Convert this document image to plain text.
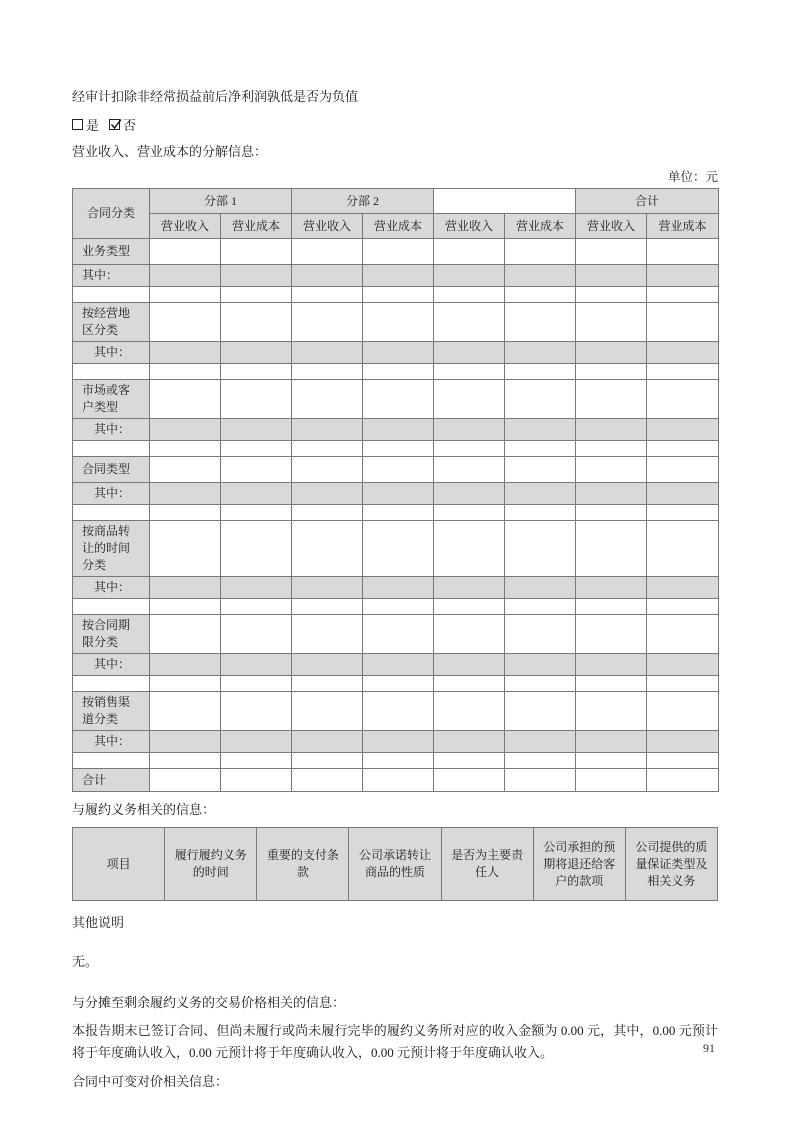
经审计扣除非经常损益前后净利润孰低是否为负值
是 否
营业收入、营业成本的分解信息：
单位：元
合同分类	分部 1		分部 2				合计	
	营业收入	营业成本	营业收入	营业成本	营业收入	营业成本	营业收入	营业成本
业务类型								
其中：								

按经营地区分类								
其中：								

市场或客户类型								
其中：								

合同类型								
其中：								

按商品转让的时间分类								
其中：								

按合同期限分类								
其中：								

按销售渠道分类								
其中：								

合计								
与履约义务相关的信息：
项目	履行履约义务的时间	重要的支付条款	公司承诺转让商品的性质	是否为主要责任人	公司承担的预期将退还给客户的款项	公司提供的质量保证类型及相关义务
其他说明
无。
与分摊至剩余履约义务的交易价格相关的信息：
本报告期末已签订合同、但尚未履行或尚未履行完毕的履约义务所对应的收入金额为 0.00 元，其中，0.00 元预计将于年度确认收入，0.00 元预计将于年度确认收入，0.00 元预计将于年度确认收入。
合同中可变对价相关信息：
91
